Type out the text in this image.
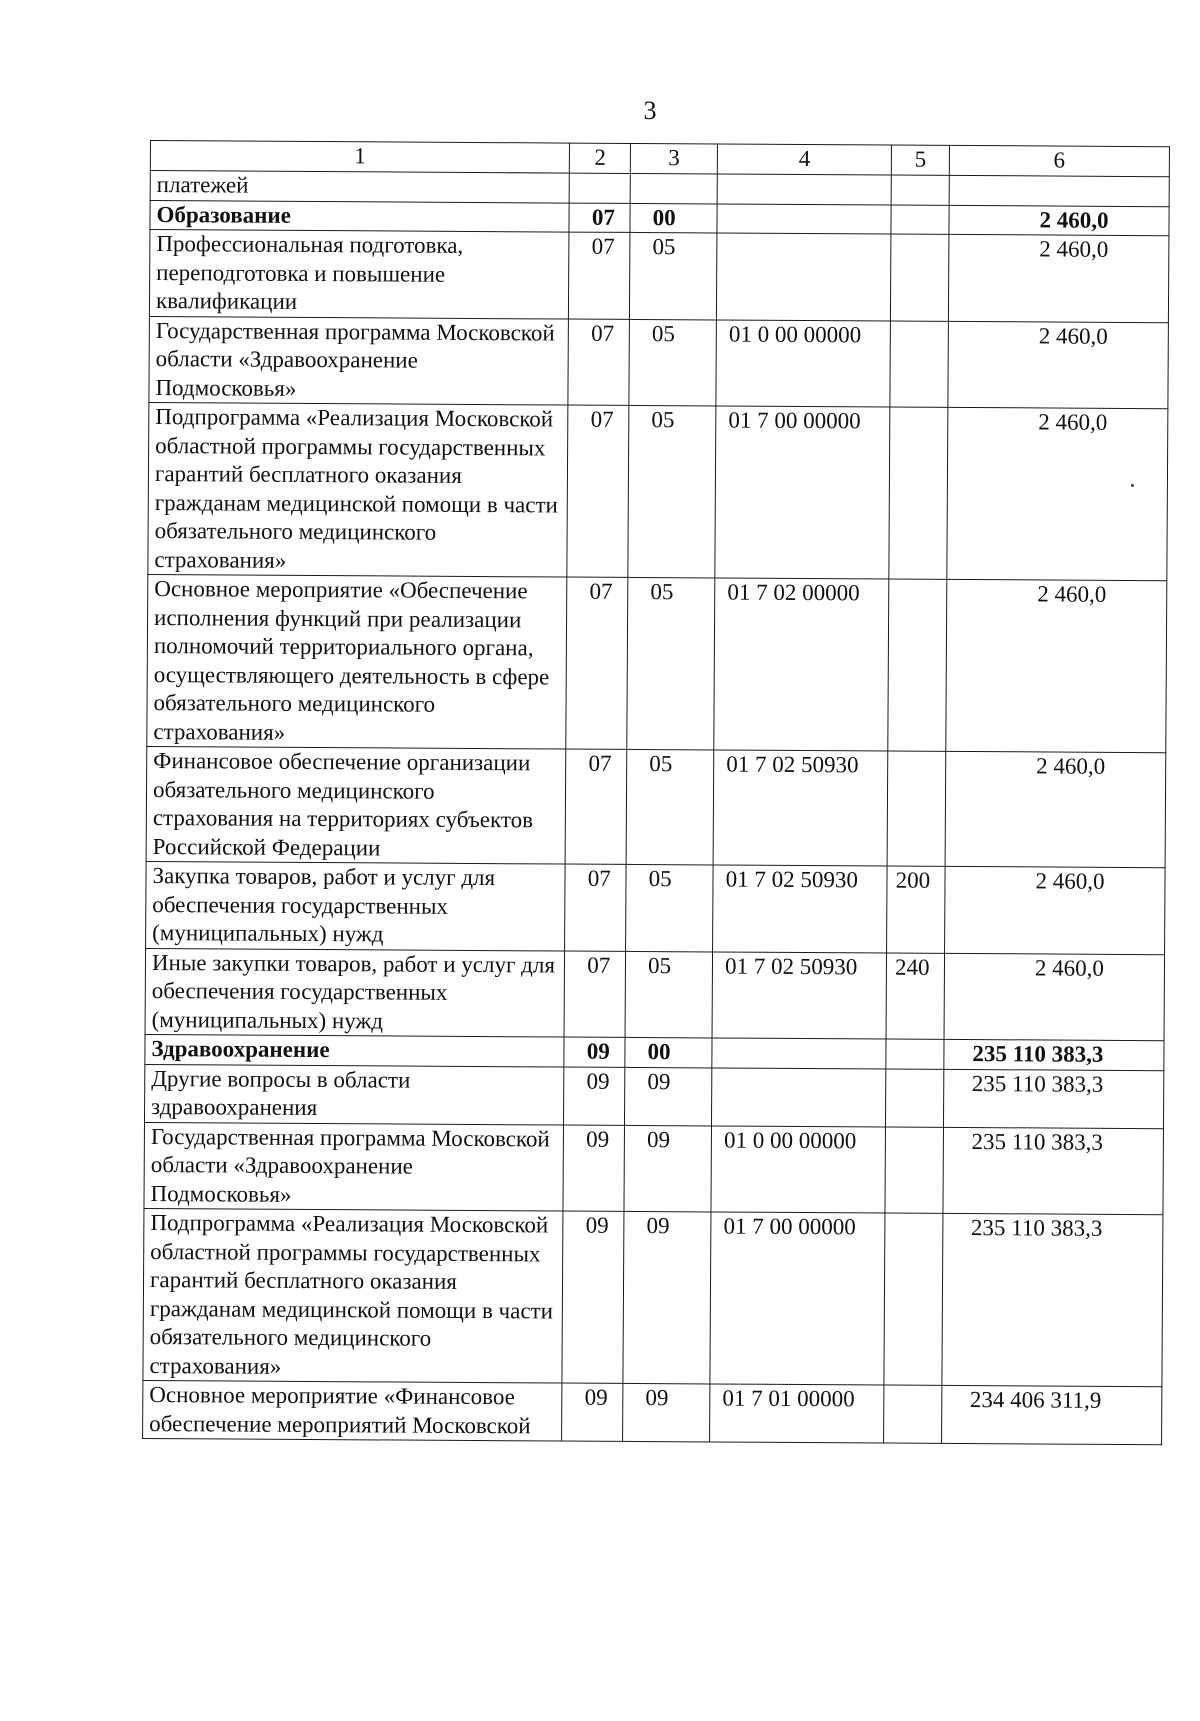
3
1	2	3	4	5	6
платежей					
Образование	07	00			2 460,0
Профессиональная подготовка, переподготовка и повышение квалификации	07	05			2 460,0
Государственная программа Московской области «Здравоохранение Подмосковья»	07	05	01 0 00 00000		2 460,0
Подпрограмма «Реализация Московской областной программы государственных гарантий бесплатного оказания гражданам медицинской помощи в части обязательного медицинского страхования»	07	05	01 7 00 00000		2 460,0
Основное мероприятие «Обеспечение исполнения функций при реализации полномочий территориального органа, осуществляющего деятельность в сфере обязательного медицинского страхования»	07	05	01 7 02 00000		2 460,0
Финансовое обеспечение организации обязательного медицинского страхования на территориях субъектов Российской Федерации	07	05	01 7 02 50930		2 460,0
Закупка товаров, работ и услуг для обеспечения государственных (муниципальных) нужд	07	05	01 7 02 50930	200	2 460,0
Иные закупки товаров, работ и услуг для обеспечения государственных (муниципальных) нужд	07	05	01 7 02 50930	240	2 460,0
Здравоохранение	09	00			235 110 383,3
Другие вопросы в области здравоохранения	09	09			235 110 383,3
Государственная программа Московской области «Здравоохранение Подмосковья»	09	09	01 0 00 00000		235 110 383,3
Подпрограмма «Реализация Московской областной программы государственных гарантий бесплатного оказания гражданам медицинской помощи в части обязательного медицинского страхования»	09	09	01 7 00 00000		235 110 383,3
Основное мероприятие «Финансовое обеспечение мероприятий Московской	09	09	01 7 01 00000		234 406 311,9
